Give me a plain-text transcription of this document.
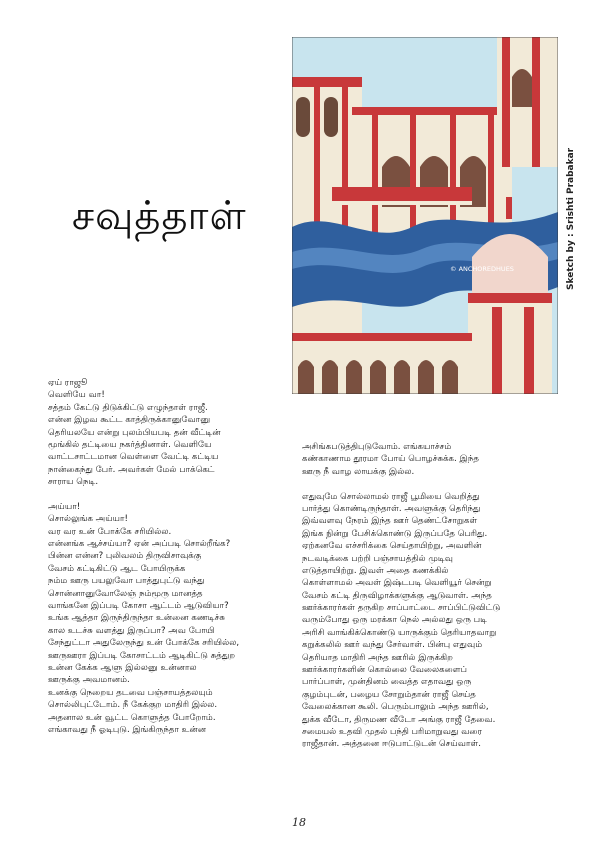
சவுத்தாள்
© ANCHOREDHUES	Sketch by : Srishti Prabakar
ஏய் ராஜூ
வெளியே வா!
சத்தம் கேட்டு திடுக்கிட்டு எழுந்தாள் ராஜீ.
என்ன இழவ கூட்ட காத்திருக்கானுவோனு
தெரியலயே என்று புலம்பியபடி தன் வீட்டின்
மூங்கில் தட்டியை நகர்த்தினாள். வெளியே
வாட்டசாட்டமான வெள்ளை வேட்டி கட்டிய
நான்கைந்து பேர். அவர்கள் மேல் பாக்கெட்
சாராய நெடி.
அய்யா!
சொல்லுங்க அய்யா!
வர வர உன் போக்கே சரியில்ல.
என்னங்க ஆச்சய்யா? ஏன் அப்படி சொல்றீங்க?
பின்ன என்ன? புலிவலம் திருவிசாவுக்கு
வேசம் கட்டிகிட்டு ஆட போயிருக்க
நம்ம ஊரு பயலுவோ பாத்துபுட்டு வந்து
சொன்னானுவோலேஞ் நம்மூரு மானத்த
வாங்கனே இப்படி கோசா ஆட்டம் ஆடுவியா?
உங்க ஆத்தா இருந்திருந்தா உன்னை கணடிச்சு
கால உடச்சு வளத்து இருப்பா? அவ போயி
சேந்துட்டா அதுலேருந்து உன் போக்கே சரியில்ல,
ஊருஊரா இப்படி கோசாட்டம் ஆடிகிட்டு சுத்துற
உன்ன கேக்க ஆளு இல்லனு உன்னால
ஊருக்கு அவமானம்.
உனக்கு நெறைய தடவை பஞ்சாயத்தலயும்
சொல்லிபுட்டோம். நீ கேக்குற மாதிரி இல்ல.
அதனால உன் வூட்ட கொளுத்த போறோம்.
எங்காவது நீ ஓடிபுடு. இங்கிருந்தா உன்ன
அசிங்கபடுத்திபுடுவோம். எங்கயாச்சம்
கண்காணாம தூரமா போய் பொழச்சுக்க. இந்த
ஊரு நீ வாழ லாயக்கு இல்ல.
எதுவுமே சொல்லாமல் ராஜீ பூமியை வெறித்து
பார்த்து கொண்டிருந்தாள். அவளுக்கு தெரிந்து
இவ்வளவு நேரம் இந்த ஊர் தெண்ட்சோறுகள்
இங்க நின்று பேசிக்கொண்டு இருப்பதே பெரிது.
ஏற்கனவே எச்சரிக்கை செய்தாயிற்று, அவளின்
நடவடிக்கை பற்றி பஞ்சாயத்தில் முடிவு
எடுத்தாயிற்று. இவள் அதை கணக்கில்
கொள்ளாமல் அவள் இஷ்டபடி வெளியூர் சென்று
வேசம் கட்டி திருவிழாக்களுக்கு ஆடுவாள். அந்த
ஊர்க்காரர்கள் தருகிற சாப்பாட்டை சாப்பிட்டுவிட்டு
வரும்போது ஒரு மரக்கா நெல் அல்லது ஒரு படி
அரிசி வாங்கிக்கொண்டு யாருக்கும் தெரியாதவாறு
கறுக்கலில் ஊர் வந்து சேர்வாள். பின்பு எதுவும்
தெரியாத மாதிரி அந்த ஊரில் இருக்கிற
ஊர்க்காரர்களின் கொல்லை வேலைகளைப்
பார்ப்பாள், முன்தினம் வைத்த எதாவது ஒரு
குழம்புடன், பழைய சோறும்தான் ராஜீ செய்த
வேலைக்கான கூலி. பெரும்பாலும் அந்த ஊரில்,
துக்க வீடோ, திருமண வீடோ அங்கு ராஜீ தேவை.
சமையல் உதவி முதல் பந்தி பரிமாறுவது வரை
ராஜீதான். அத்தனை ஈடுபாட்டுடன் செய்வாள்.
18
